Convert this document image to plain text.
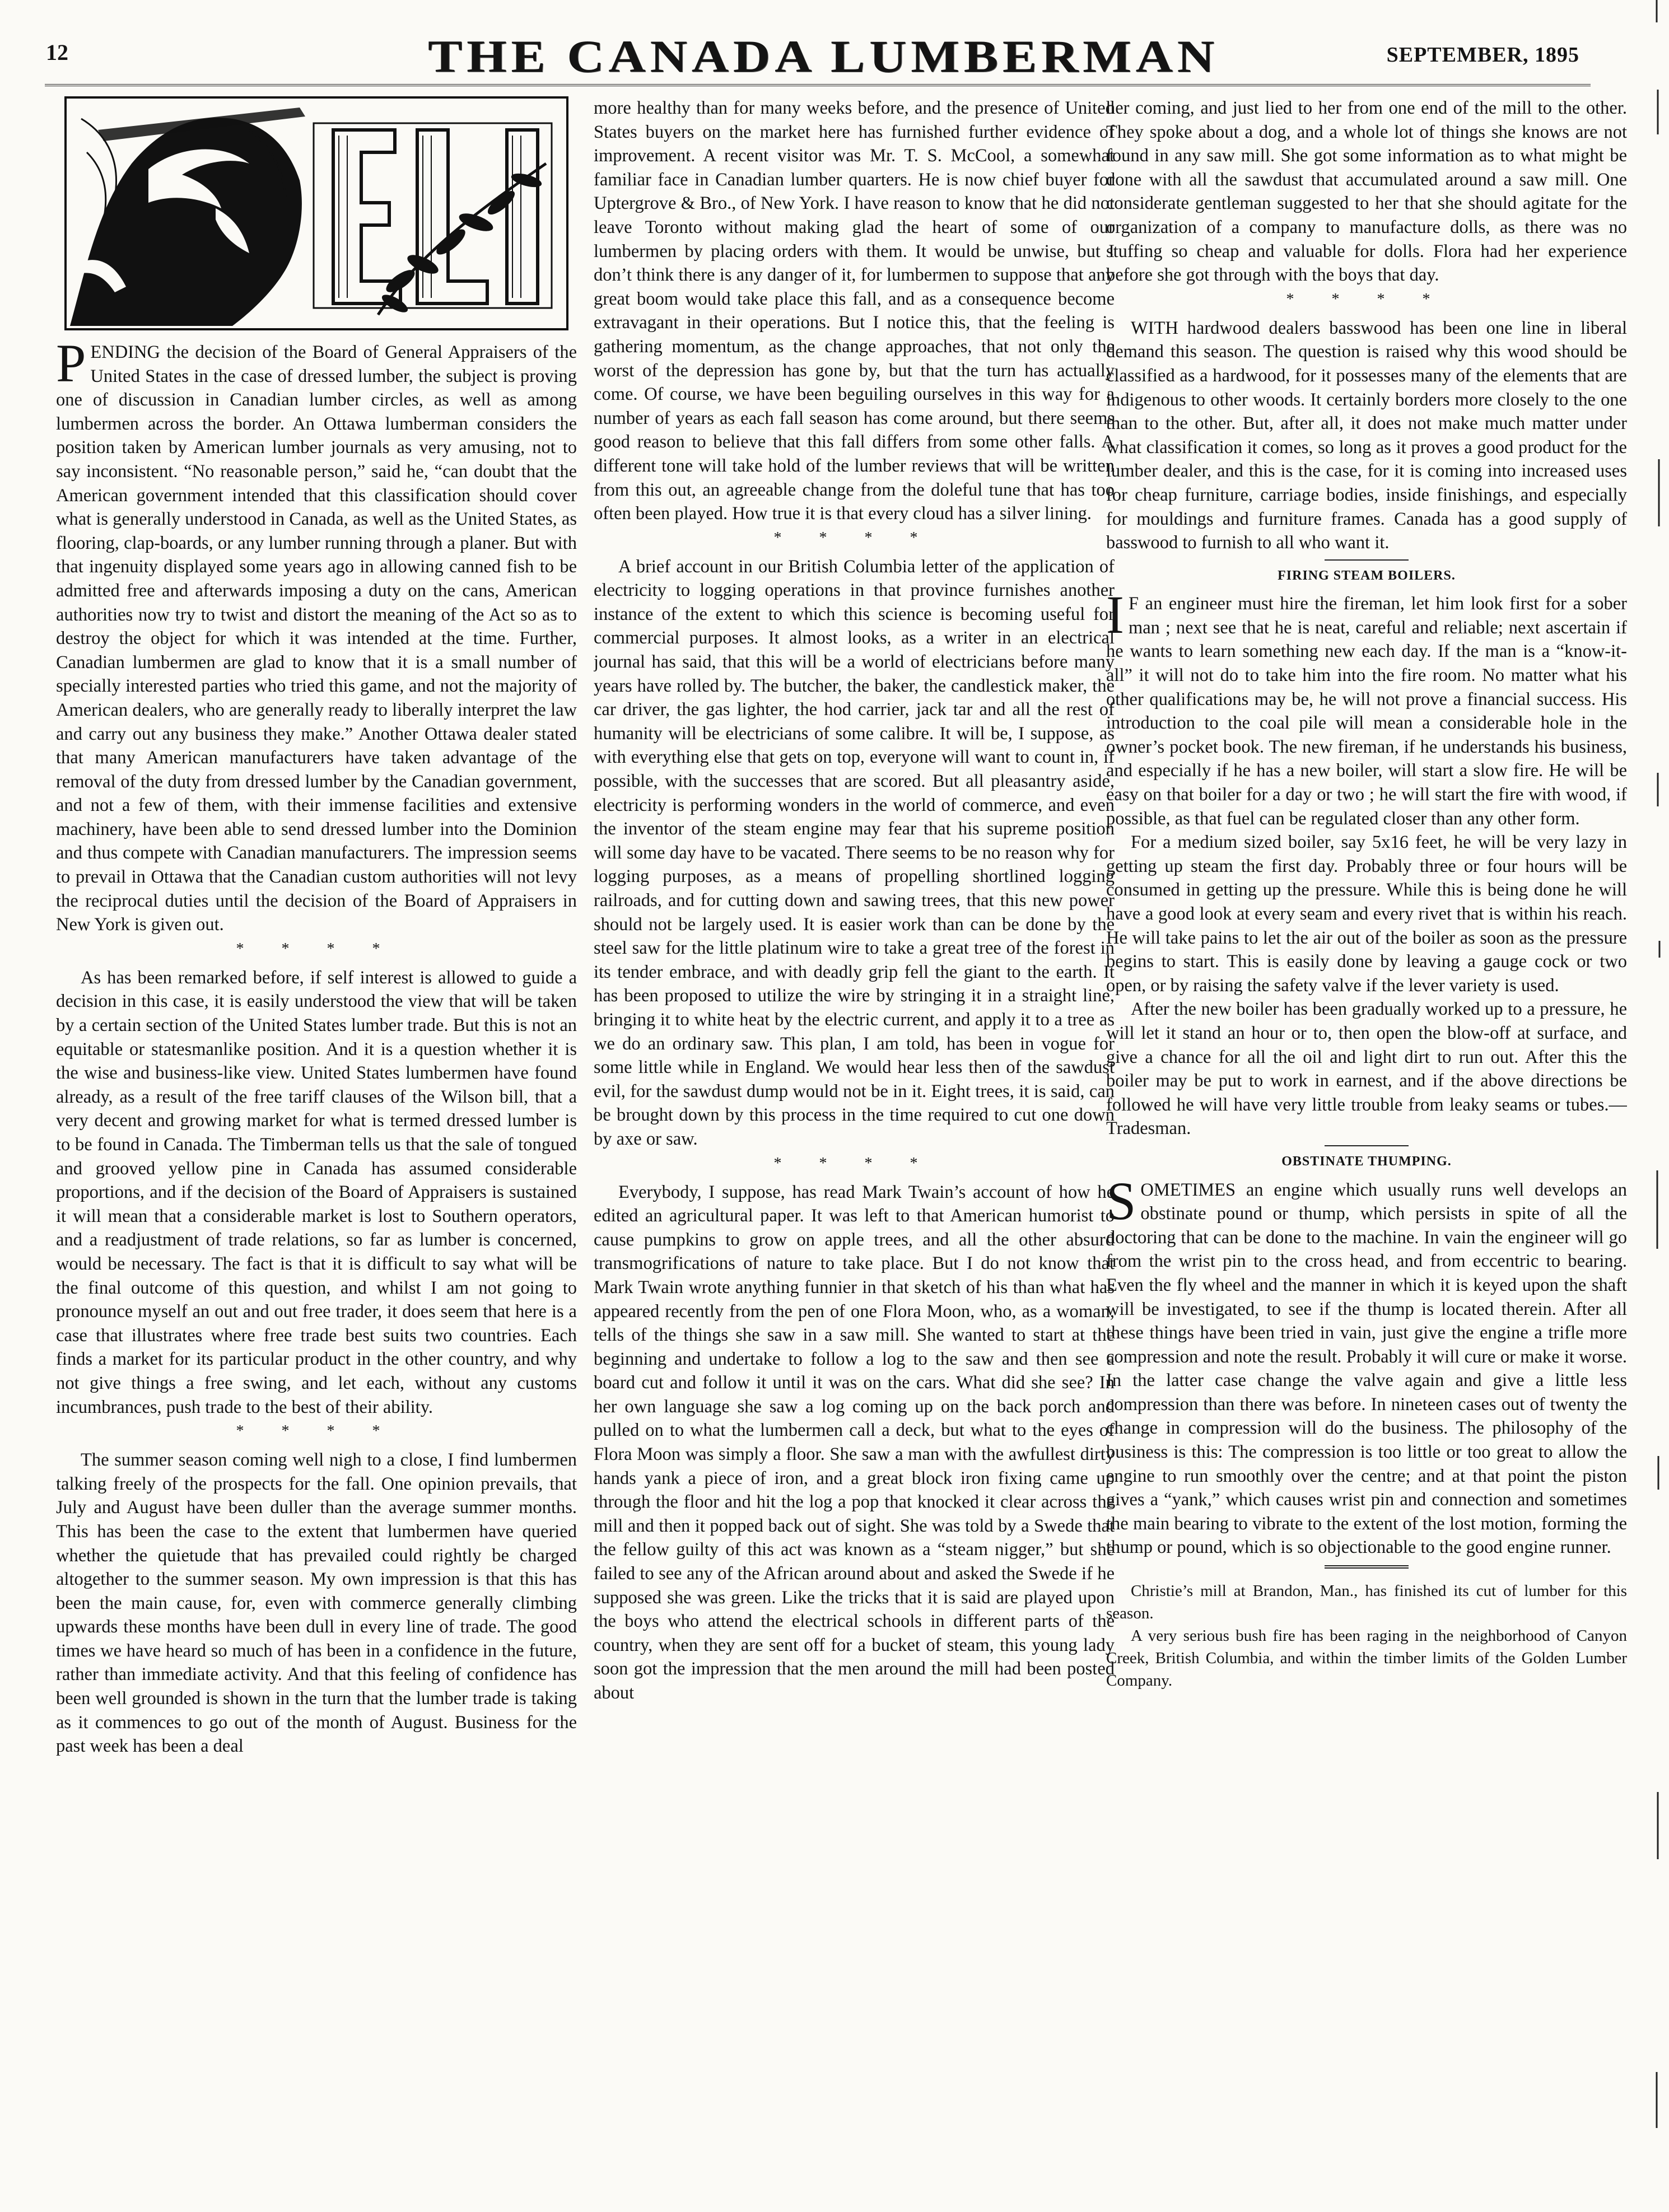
12	THE CANADA LUMBERMAN	SEPTEMBER, 1895

PENDING the decision of the Board of General Appraisers of the United States in the case of dressed lumber, the subject is proving one of discussion in Canadian lumber circles, as well as among lumbermen across the border. An Ottawa lumberman considers the position taken by American lumber journals as very amusing, not to say inconsistent. “No reasonable person,” said he, “can doubt that the American government intended that this classification should cover what is generally understood in Canada, as well as the United States, as flooring, clap-boards, or any lumber running through a planer. But with that ingenuity displayed some years ago in allowing canned fish to be admitted free and afterwards imposing a duty on the cans, American authorities now try to twist and distort the meaning of the Act so as to destroy the object for which it was intended at the time. Further, Canadian lumbermen are glad to know that it is a small number of specially interested parties who tried this game, and not the majority of American dealers, who are generally ready to liberally interpret the law and carry out any business they make.” Another Ottawa dealer stated that many American manufacturers have taken advantage of the removal of the duty from dressed lumber by the Canadian government, and not a few of them, with their immense facilities and extensive machinery, have been able to send dressed lumber into the Dominion and thus compete with Canadian manufacturers. The impression seems to prevail in Ottawa that the Canadian custom authorities will not levy the reciprocal duties until the decision of the Board of Appraisers in New York is given out.

* * * *

As has been remarked before, if self interest is allowed to guide a decision in this case, it is easily understood the view that will be taken by a certain section of the United States lumber trade. But this is not an equitable or statesmanlike position. And it is a question whether it is the wise and business-like view. United States lumbermen have found already, as a result of the free tariff clauses of the Wilson bill, that a very decent and growing market for what is termed dressed lumber is to be found in Canada. The Timberman tells us that the sale of tongued and grooved yellow pine in Canada has assumed considerable proportions, and if the decision of the Board of Appraisers is sustained it will mean that a considerable market is lost to Southern operators, and a readjustment of trade relations, so far as lumber is concerned, would be necessary. The fact is that it is difficult to say what will be the final outcome of this question, and whilst I am not going to pronounce myself an out and out free trader, it does seem that here is a case that illustrates where free trade best suits two countries. Each finds a market for its particular product in the other country, and why not give things a free swing, and let each, without any customs incumbrances, push trade to the best of their ability.

* * * *

The summer season coming well nigh to a close, I find lumbermen talking freely of the prospects for the fall. One opinion prevails, that July and August have been duller than the average summer months. This has been the case to the extent that lumbermen have queried whether the quietude that has prevailed could rightly be charged altogether to the summer season. My own impression is that this has been the main cause, for, even with commerce generally climbing upwards these months have been dull in every line of trade. The good times we have heard so much of has been in a confidence in the future, rather than immediate activity. And that this feeling of confidence has been well grounded is shown in the turn that the lumber trade is taking as it commences to go out of the month of August. Business for the past week has been a deal

more healthy than for many weeks before, and the presence of United States buyers on the market here has furnished further evidence of improvement. A recent visitor was Mr. T. S. McCool, a somewhat familiar face in Canadian lumber quarters. He is now chief buyer for Uptergrove & Bro., of New York. I have reason to know that he did not leave Toronto without making glad the heart of some of our lumbermen by placing orders with them. It would be unwise, but I don’t think there is any danger of it, for lumbermen to suppose that any great boom would take place this fall, and as a consequence become extravagant in their operations. But I notice this, that the feeling is gathering momentum, as the change approaches, that not only the worst of the depression has gone by, but that the turn has actually come. Of course, we have been beguiling ourselves in this way for a number of years as each fall season has come around, but there seems good reason to believe that this fall differs from some other falls. A different tone will take hold of the lumber reviews that will be written from this out, an agreeable change from the doleful tune that has too often been played. How true it is that every cloud has a silver lining.

* * * *

A brief account in our British Columbia letter of the application of electricity to logging operations in that province furnishes another instance of the extent to which this science is becoming useful for commercial purposes. It almost looks, as a writer in an electrical journal has said, that this will be a world of electricians before many years have rolled by. The butcher, the baker, the candlestick maker, the car driver, the gas lighter, the hod carrier, jack tar and all the rest of humanity will be electricians of some calibre. It will be, I suppose, as with everything else that gets on top, everyone will want to count in, if possible, with the successes that are scored. But all pleasantry aside, electricity is performing wonders in the world of commerce, and even the inventor of the steam engine may fear that his supreme position will some day have to be vacated. There seems to be no reason why for logging purposes, as a means of propelling shortlined logging railroads, and for cutting down and sawing trees, that this new power should not be largely used. It is easier work than can be done by the steel saw for the little platinum wire to take a great tree of the forest in its tender embrace, and with deadly grip fell the giant to the earth. It has been proposed to utilize the wire by stringing it in a straight line, bringing it to white heat by the electric current, and apply it to a tree as we do an ordinary saw. This plan, I am told, has been in vogue for some little while in England. We would hear less then of the sawdust evil, for the sawdust dump would not be in it. Eight trees, it is said, can be brought down by this process in the time required to cut one down by axe or saw.

* * * *

Everybody, I suppose, has read Mark Twain’s account of how he edited an agricultural paper. It was left to that American humorist to cause pumpkins to grow on apple trees, and all the other absurd transmogrifications of nature to take place. But I do not know that Mark Twain wrote anything funnier in that sketch of his than what has appeared recently from the pen of one Flora Moon, who, as a woman, tells of the things she saw in a saw mill. She wanted to start at the beginning and undertake to follow a log to the saw and then see a board cut and follow it until it was on the cars. What did she see? In her own language she saw a log coming up on the back porch and pulled on to what the lumbermen call a deck, but what to the eyes of Flora Moon was simply a floor. She saw a man with the awfullest dirty hands yank a piece of iron, and a great block iron fixing came up through the floor and hit the log a pop that knocked it clear across the mill and then it popped back out of sight. She was told by a Swede that the fellow guilty of this act was known as a “steam nigger,” but she failed to see any of the African around about and asked the Swede if he supposed she was green. Like the tricks that it is said are played upon the boys who attend the electrical schools in different parts of the country, when they are sent off for a bucket of steam, this young lady soon got the impression that the men around the mill had been posted about

her coming, and just lied to her from one end of the mill to the other. They spoke about a dog, and a whole lot of things she knows are not found in any saw mill. She got some information as to what might be done with all the sawdust that accumulated around a saw mill. One considerate gentleman suggested to her that she should agitate for the organization of a company to manufacture dolls, as there was no stuffing so cheap and valuable for dolls. Flora had her experience before she got through with the boys that day.

* * * *

WITH hardwood dealers basswood has been one line in liberal demand this season. The question is raised why this wood should be classified as a hardwood, for it possesses many of the elements that are indigenous to other woods. It certainly borders more closely to the one than to the other. But, after all, it does not make much matter under what classification it comes, so long as it proves a good product for the lumber dealer, and this is the case, for it is coming into increased uses for cheap furniture, carriage bodies, inside finishings, and especially for mouldings and furniture frames. Canada has a good supply of basswood to furnish to all who want it.

FIRING STEAM BOILERS.

I F an engineer must hire the fireman, let him look first for a sober man ; next see that he is neat, careful and reliable; next ascertain if he wants to learn something new each day. If the man is a “know-it-all” it will not do to take him into the fire room. No matter what his other qualifications may be, he will not prove a financial success. His introduction to the coal pile will mean a considerable hole in the owner’s pocket book. The new fireman, if he understands his business, and especially if he has a new boiler, will start a slow fire. He will be easy on that boiler for a day or two ; he will start the fire with wood, if possible, as that fuel can be regulated closer than any other form.

For a medium sized boiler, say 5x16 feet, he will be very lazy in getting up steam the first day. Probably three or four hours will be consumed in getting up the pressure. While this is being done he will have a good look at every seam and every rivet that is within his reach. He will take pains to let the air out of the boiler as soon as the pressure begins to start. This is easily done by leaving a gauge cock or two open, or by raising the safety valve if the lever variety is used.

After the new boiler has been gradually worked up to a pressure, he will let it stand an hour or to, then open the blow-off at surface, and give a chance for all the oil and light dirt to run out. After this the boiler may be put to work in earnest, and if the above directions be followed he will have very little trouble from leaky seams or tubes.—Tradesman.

OBSTINATE THUMPING.

SOMETIMES an engine which usually runs well develops an obstinate pound or thump, which persists in spite of all the doctoring that can be done to the machine. In vain the engineer will go from the wrist pin to the cross head, and from eccentric to bearing. Even the fly wheel and the manner in which it is keyed upon the shaft will be investigated, to see if the thump is located therein. After all these things have been tried in vain, just give the engine a trifle more compression and note the result. Probably it will cure or make it worse. In the latter case change the valve again and give a little less compression than there was before. In nineteen cases out of twenty the change in compression will do the business. The philosophy of the business is this: The compression is too little or too great to allow the engine to run smoothly over the centre; and at that point the piston gives a “yank,” which causes wrist pin and connection and sometimes the main bearing to vibrate to the extent of the lost motion, forming the thump or pound, which is so objectionable to the good engine runner.

Christie’s mill at Brandon, Man., has finished its cut of lumber for this season.

A very serious bush fire has been raging in the neighborhood of Canyon Creek, British Columbia, and within the timber limits of the Golden Lumber Company.
